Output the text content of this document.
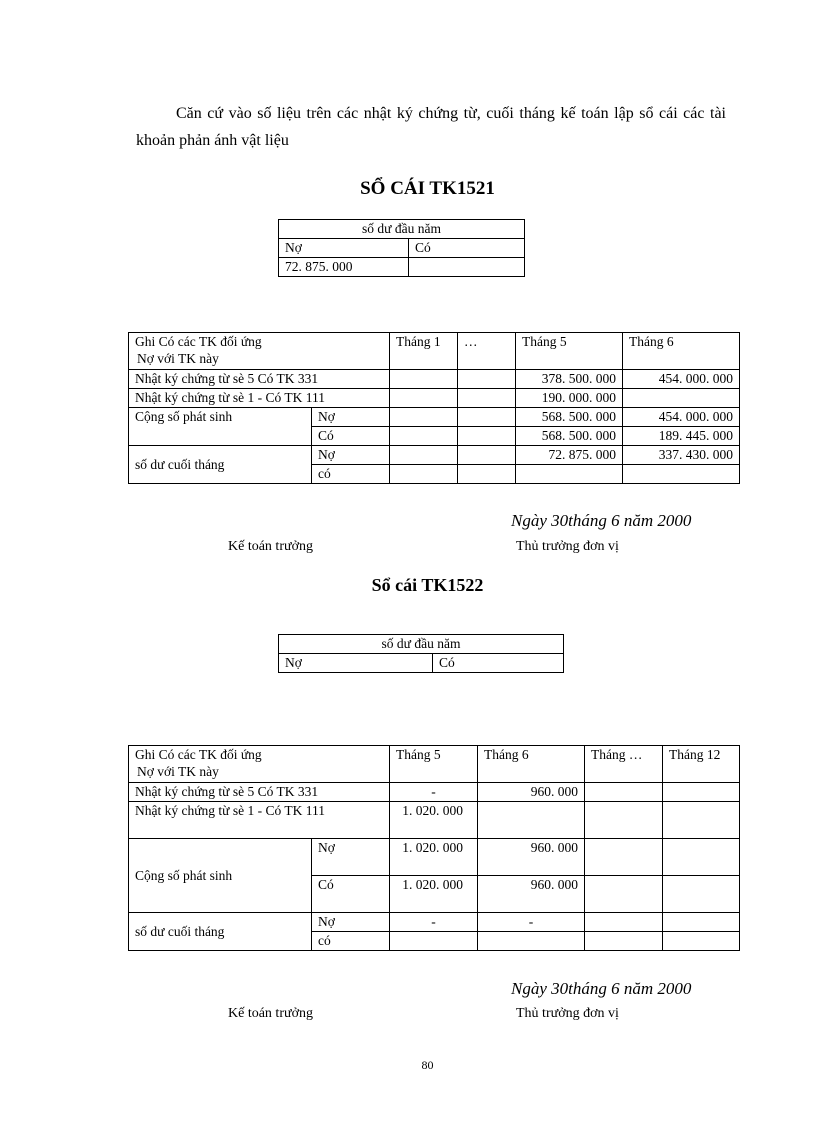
Căn cứ vào số liệu trên các nhật ký chứng từ, cuối tháng kế toán lập sổ cái các tài khoản phản ánh vật liệu

SỔ CÁI TK1521
số dư đầu năm	
Nợ	Có
72. 875. 000	
Ghi Có các TK đối ứng
Nợ với TK này		Tháng 1	…	Tháng 5	Tháng 6

Nhật ký chứng từ sè 5 Có TK 331				378. 500. 000	454. 000. 000
Nhật ký chứng từ sè 1 - Có TK 111				190. 000. 000	
Cộng số phát sinh	Nợ			568. 500. 000	454. 000. 000
	Có			568. 500. 000	189. 445. 000
số dư cuối tháng	Nợ			72. 875. 000	337. 430. 000
	có				
Ngày 30tháng 6 năm 2000
Kế toán trưởng	Thủ trưởng đơn vị
Sổ cái TK1522
số dư đầu năm
Nợ	Có
Ghi Có các TK đối ứng
Nợ với TK này		Tháng 5	Tháng 6	Tháng …	Tháng 12
Nhật ký chứng từ sè 5 Có TK 331		-	960. 000		
Nhật ký chứng từ sè 1 - Có TK 111		1. 020. 000			
Cộng số phát sinh	Nợ	1. 020. 000	960. 000		
	Có	1. 020. 000	960. 000		
số dư cuối tháng	Nợ	-	-		
	có				
Ngày 30tháng 6 năm 2000
Kế toán trưởng	Thủ trưởng đơn vị
80
